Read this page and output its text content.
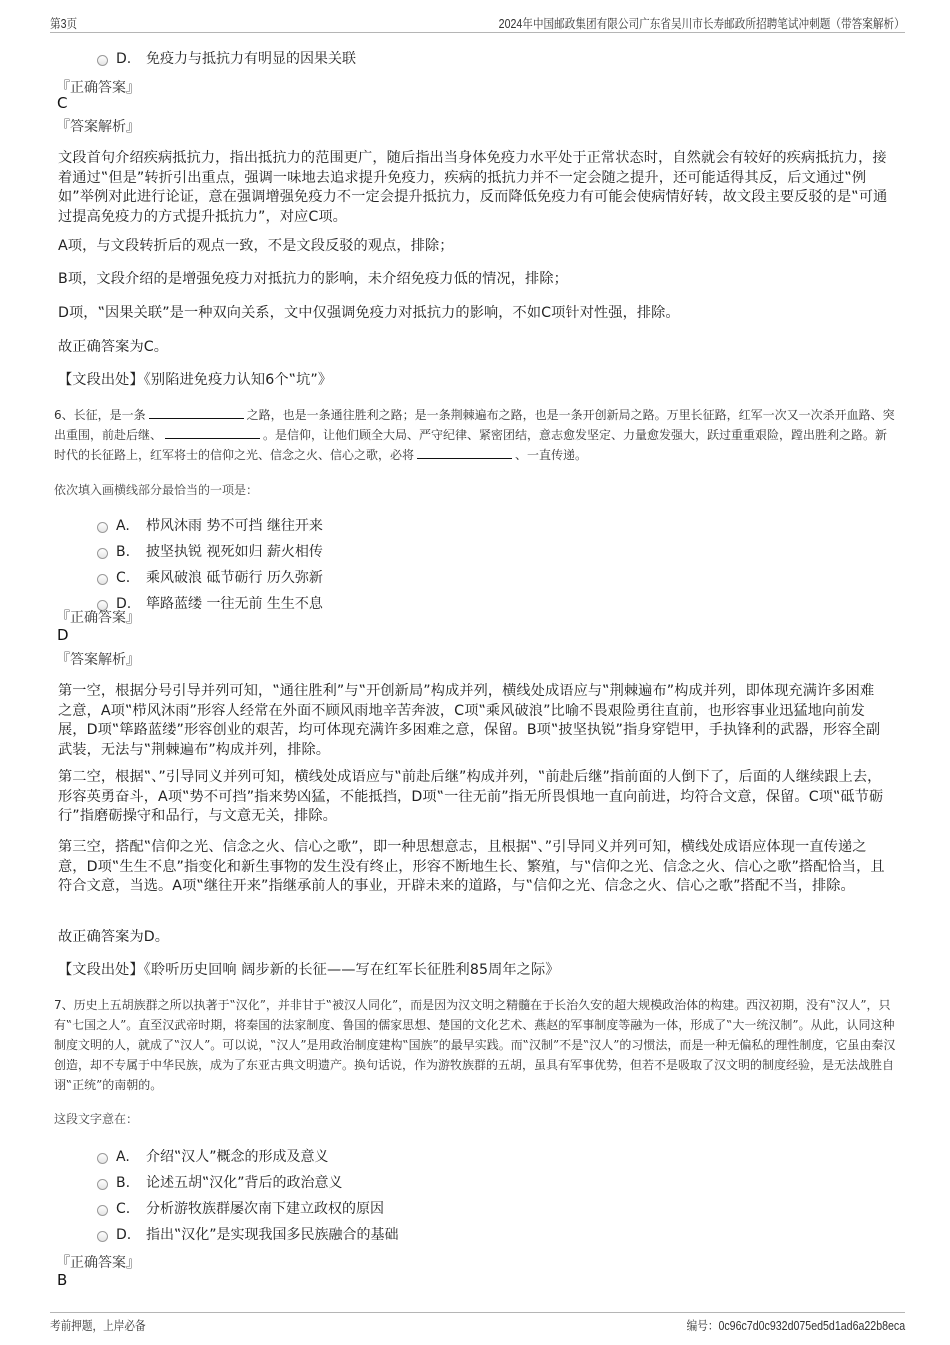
第3页	2024年中国邮政集团有限公司广东省吴川市长寿邮政所招聘笔试冲刺题（带答案解析）
D. 免疫力与抵抗力有明显的因果关联
『正确答案』
C
『答案解析』
文段首句介绍疾病抵抗力，指出抵抗力的范围更广，随后指出当身体免疫力水平处于正常状态时，自然就会有较好的疾病抵抗力，接着通过‟但是”转折引出重点，强调一味地去追求提升免疫力，疾病的抵抗力并不一定会随之提升，还可能适得其反，后文通过‟例如”举例对此进行论证，意在强调增强免疫力不一定会提升抵抗力，反而降低免疫力有可能会使病情好转，故文段主要反驳的是‟可通过提高免疫力的方式提升抵抗力”，对应C项。
A项，与文段转折后的观点一致，不是文段反驳的观点，排除；
B项，文段介绍的是增强免疫力对抵抗力的影响，未介绍免疫力低的情况，排除；
D项，‟因果关联”是一种双向关系，文中仅强调免疫力对抵抗力的影响，不如C项针对性强，排除。
故正确答案为C。
【文段出处】《别陷进免疫力认知6个‟坑”》
6、长征，是一条	之路，也是一条通往胜利之路；是一条荆棘遍布之路，也是一条开创新局之路。万里长征路，红军一次又一次杀开血路、突出重围，前赴后继、	。是信仰，让他们顾全大局、严守纪律、紧密团结，意志愈发坚定、力量愈发强大，跃过重重艰险，蹚出胜利之路。新时代的长征路上，红军将士的信仰之光、信念之火、信心之歌，必将	、一直传递。
依次填入画横线部分最恰当的一项是：
A. 栉风沐雨 势不可挡 继往开来
B. 披坚执锐 视死如归 薪火相传
C. 乘风破浪 砥节砺行 历久弥新
D. 筚路蓝缕 一往无前 生生不息
『正确答案』
D
『答案解析』
第一空，根据分号引导并列可知，‟通往胜利”与‟开创新局”构成并列，横线处成语应与‟荆棘遍布”构成并列，即体现充满许多困难之意，A项‟栉风沐雨”形容人经常在外面不顾风雨地辛苦奔波，C项‟乘风破浪”比喻不畏艰险勇往直前，也形容事业迅猛地向前发展，D项‟筚路蓝缕”形容创业的艰苦，均可体现充满许多困难之意，保留。B项‟披坚执锐”指身穿铠甲，手执锋利的武器，形容全副武装，无法与‟荆棘遍布”构成并列，排除。
第二空，根据‟、”引导同义并列可知，横线处成语应与‟前赴后继”构成并列，‟前赴后继”指前面的人倒下了，后面的人继续跟上去，形容英勇奋斗，A项‟势不可挡”指来势凶猛，不能抵挡，D项‟一往无前”指无所畏惧地一直向前进，均符合文意，保留。C项‟砥节砺行”指磨砺操守和品行，与文意无关，排除。
第三空，搭配‟信仰之光、信念之火、信心之歌”，即一种思想意志，且根据‟、”引导同义并列可知，横线处成语应体现一直传递之意，D项‟生生不息”指变化和新生事物的发生没有终止，形容不断地生长、繁殖，与‟信仰之光、信念之火、信心之歌”搭配恰当，且符合文意，当选。A项‟继往开来”指继承前人的事业，开辟未来的道路，与‟信仰之光、信念之火、信心之歌”搭配不当，排除。
故正确答案为D。
【文段出处】《聆听历史回响 阔步新的长征——写在红军长征胜利85周年之际》
7、历史上五胡族群之所以执著于‟汉化”，并非甘于‟被汉人同化”，而是因为汉文明之精髓在于长治久安的超大规模政治体的构建。西汉初期，没有‟汉人”，只有‟七国之人”。直至汉武帝时期，将秦国的法家制度、鲁国的儒家思想、楚国的文化艺术、燕赵的军事制度等融为一体，形成了‟大一统汉制”。从此，认同这种制度文明的人，就成了‟汉人”。可以说，‟汉人”是用政治制度建构‟国族”的最早实践。而‟汉制”不是‟汉人”的习惯法，而是一种无偏私的理性制度，它虽由秦汉创造，却不专属于中华民族，成为了东亚古典文明遗产。换句话说，作为游牧族群的五胡，虽具有军事优势，但若不是吸取了汉文明的制度经验，是无法战胜自诩‟正统”的南朝的。
这段文字意在：
A. 介绍‟汉人”概念的形成及意义
B. 论述五胡‟汉化”背后的政治意义
C. 分析游牧族群屡次南下建立政权的原因
D. 指出‟汉化”是实现我国多民族融合的基础
『正确答案』
B
考前押题，上岸必备	编号：0c96c7d0c932d075ed5d1ad6a22b8eca
